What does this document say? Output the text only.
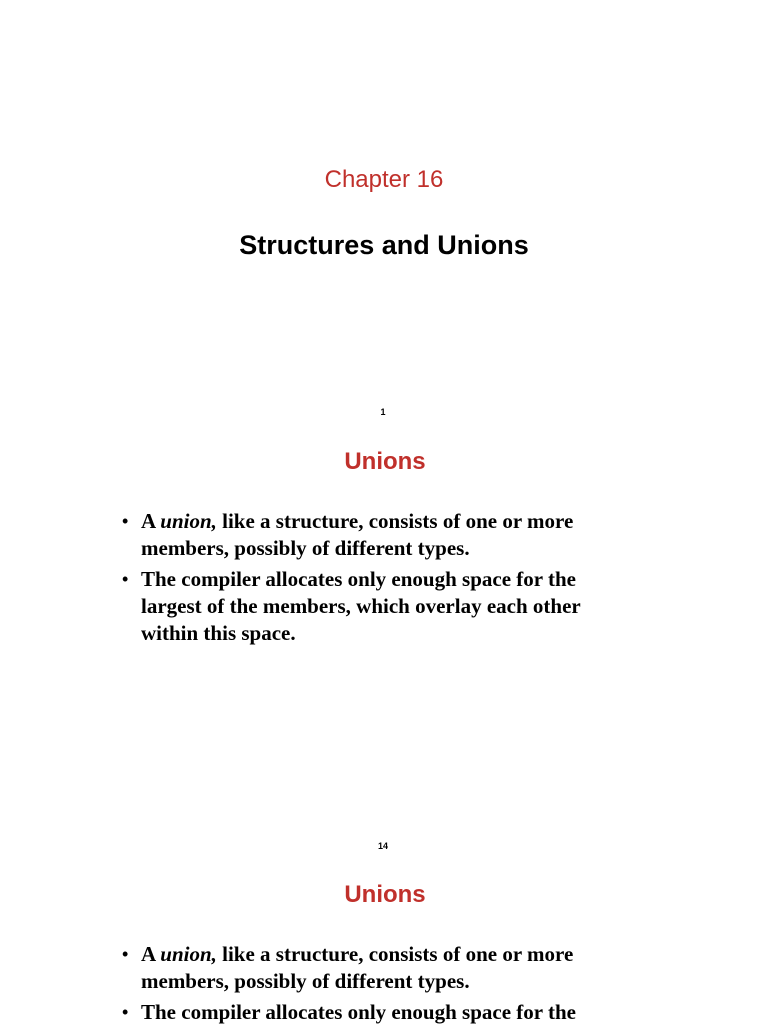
Chapter 16
Structures and Unions
1
Unions
• A union, like a structure, consists of one or more members, possibly of different types.
• The compiler allocates only enough space for the largest of the members, which overlay each other within this space.
14
Unions
• A union, like a structure, consists of one or more members, possibly of different types.
• The compiler allocates only enough space for the
